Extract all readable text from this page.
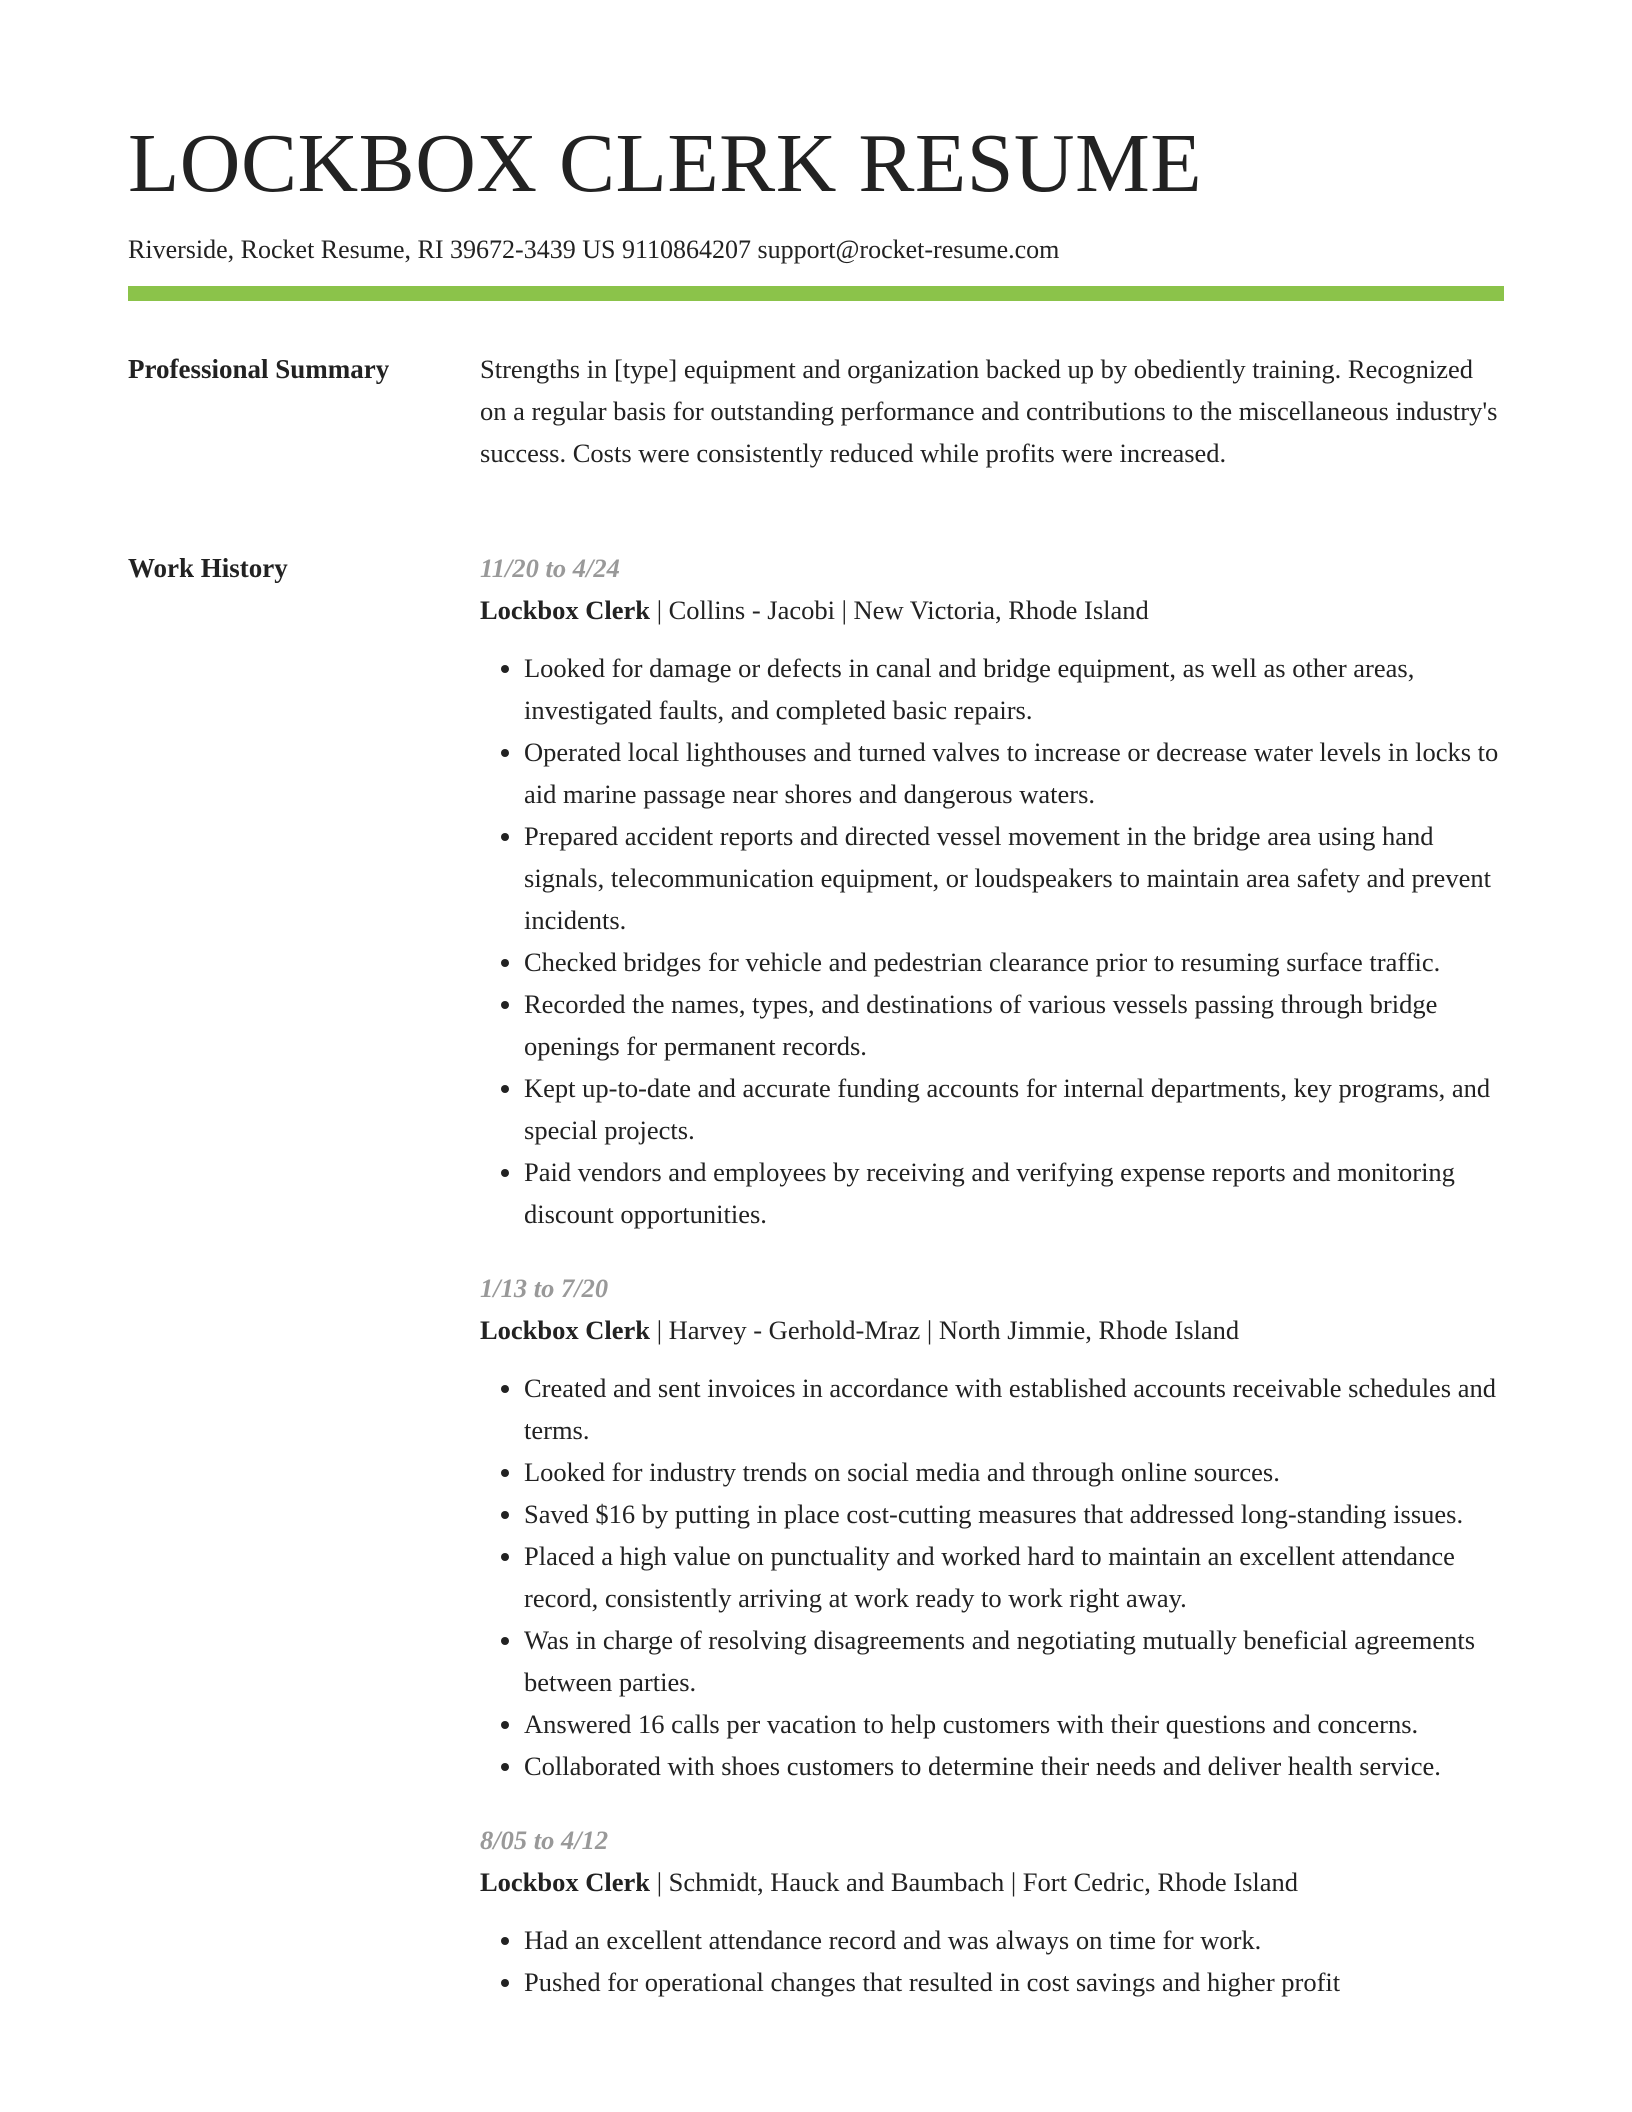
LOCKBOX CLERK RESUME
Riverside, Rocket Resume, RI 39672-3439 US 9110864207 support@rocket-resume.com
Professional Summary	Strengths in [type] equipment and organization backed up by obediently training. Recognized on a regular basis for outstanding performance and contributions to the miscellaneous industry's success. Costs were consistently reduced while profits were increased.

Work History	11/20 to 4/24
Lockbox Clerk | Collins - Jacobi | New Victoria, Rhode Island
• Looked for damage or defects in canal and bridge equipment, as well as other areas, investigated faults, and completed basic repairs.
• Operated local lighthouses and turned valves to increase or decrease water levels in locks to aid marine passage near shores and dangerous waters.
• Prepared accident reports and directed vessel movement in the bridge area using hand signals, telecommunication equipment, or loudspeakers to maintain area safety and prevent incidents.
• Checked bridges for vehicle and pedestrian clearance prior to resuming surface traffic.
• Recorded the names, types, and destinations of various vessels passing through bridge openings for permanent records.
• Kept up-to-date and accurate funding accounts for internal departments, key programs, and special projects.
• Paid vendors and employees by receiving and verifying expense reports and monitoring discount opportunities.
1/13 to 7/20
Lockbox Clerk | Harvey - Gerhold-Mraz | North Jimmie, Rhode Island
• Created and sent invoices in accordance with established accounts receivable schedules and terms.
• Looked for industry trends on social media and through online sources.
• Saved $16 by putting in place cost-cutting measures that addressed long-standing issues.
• Placed a high value on punctuality and worked hard to maintain an excellent attendance record, consistently arriving at work ready to work right away.
• Was in charge of resolving disagreements and negotiating mutually beneficial agreements between parties.
• Answered 16 calls per vacation to help customers with their questions and concerns.
• Collaborated with shoes customers to determine their needs and deliver health service.
8/05 to 4/12
Lockbox Clerk | Schmidt, Hauck and Baumbach | Fort Cedric, Rhode Island
• Had an excellent attendance record and was always on time for work.
• Pushed for operational changes that resulted in cost savings and higher profit
